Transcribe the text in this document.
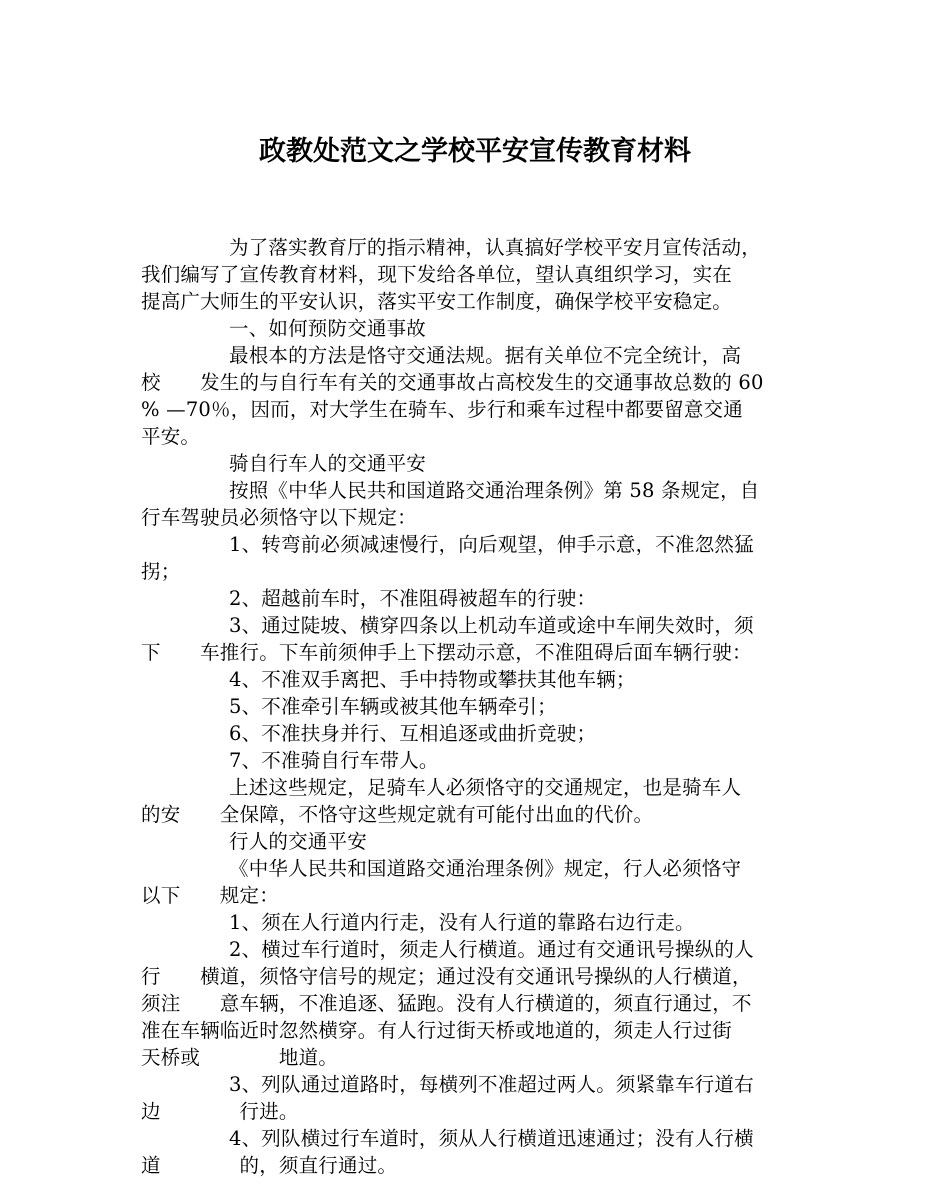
政教处范文之学校平安宣传教育材料
为了落实教育厅的指示精神，认真搞好学校平安月宣传活动，
我们编写了宣传教育材料，现下发给各单位，望认真组织学习，实在
提高广大师生的平安认识，落实平安工作制度，确保学校平安稳定。
一、如何预防交通事故
最根本的方法是恪守交通法规。据有关单位不完全统计，高
校　　发生的与自行车有关的交通事故占高校发生的交通事故总数的 60
% —70％，因而，对大学生在骑车、步行和乘车过程中都要留意交通
平安。
骑自行车人的交通平安
按照《中华人民共和国道路交通治理条例》第 58 条规定，自
行车驾驶员必须恪守以下规定：
1、转弯前必须减速慢行，向后观望，伸手示意，不准忽然猛
拐；
2、超越前车时，不准阻碍被超车的行驶：
3、通过陡坡、横穿四条以上机动车道或途中车闸失效时，须
下　　车推行。下车前须伸手上下摆动示意，不准阻碍后面车辆行驶：
4、不准双手离把、手中持物或攀扶其他车辆；
5、不准牵引车辆或被其他车辆牵引；
6、不准扶身并行、互相追逐或曲折竞驶；
7、不准骑自行车带人。
上述这些规定，足骑车人必须恪守的交通规定，也是骑车人
的安　　全保障，不恪守这些规定就有可能付出血的代价。
行人的交通平安
《中华人民共和国道路交通治理条例》规定，行人必须恪守
以下　　规定：
1、须在人行道内行走，没有人行道的靠路右边行走。
2、横过车行道时，须走人行横道。通过有交通讯号操纵的人
行　　横道，须恪守信号的规定；通过没有交通讯号操纵的人行横道，
须注　　意车辆，不准追逐、猛跑。没有人行横道的，须直行通过，不
准在车辆临近时忽然横穿。有人行过街天桥或地道的，须走人行过街
天桥或　　　　地道。
3、列队通过道路时，每横列不准超过两人。须紧靠车行道右
边　　　　行进。
4、列队横过行车道时，须从人行横道迅速通过；没有人行横
道　　　　的，须直行通过。
